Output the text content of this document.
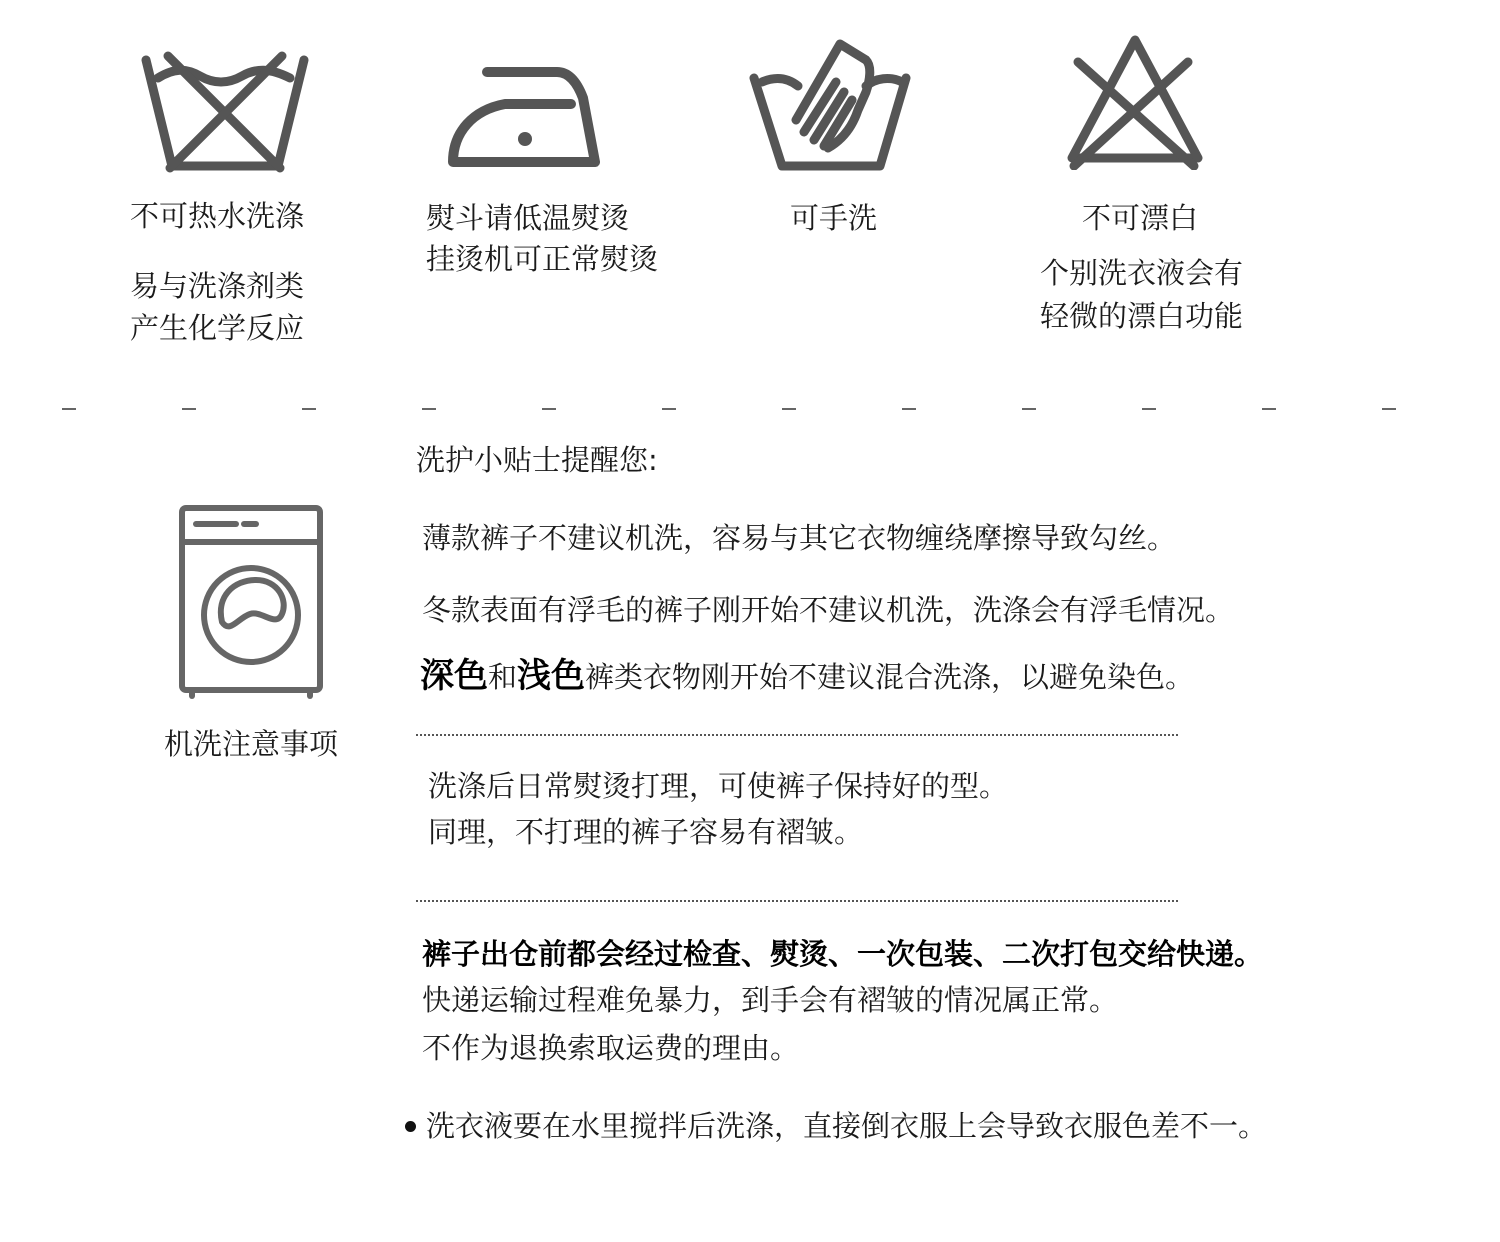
不可热水洗涤
易与洗涤剂类
产生化学反应
熨斗请低温熨烫
挂烫机可正常熨烫
可手洗	不可漂白
个别洗衣液会有
轻微的漂白功能
机洗注意事项
洗护小贴士提醒您:
薄款裤子不建议机洗，容易与其它衣物缠绕摩擦导致勾丝。
冬款表面有浮毛的裤子刚开始不建议机洗，洗涤会有浮毛情况。
深色和浅色裤类衣物刚开始不建议混合洗涤，以避免染色。
洗涤后日常熨烫打理，可使裤子保持好的型。
同理，不打理的裤子容易有褶皱。
裤子出仓前都会经过检查、熨烫、一次包装、二次打包交给快递。
快递运输过程难免暴力，到手会有褶皱的情况属正常。
不作为退换索取运费的理由。
洗衣液要在水里搅拌后洗涤，直接倒衣服上会导致衣服色差不一。
